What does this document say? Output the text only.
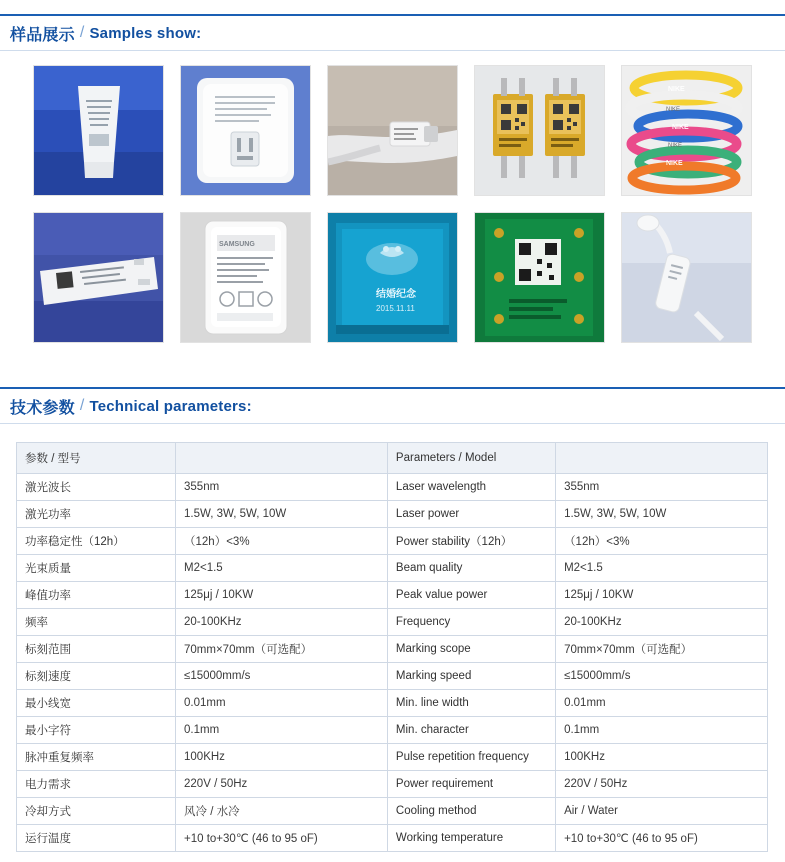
样品展示 / Samples show:
NIKE
NIKE
NIKE
NIKE
NIKE
SAMSUNG
结婚纪念
2015.11.11
技术参数 / Technical parameters:
参数 / 型号		Parameters / Model	
激光波长	355nm	Laser wavelength	355nm
激光功率	1.5W, 3W, 5W, 10W	Laser power	1.5W, 3W, 5W, 10W
功率稳定性（12h）	（12h）<3%	Power stability（12h）	（12h）<3%
光束质量	M2<1.5	Beam quality	M2<1.5
峰值功率	125μj / 10KW	Peak value power	125μj / 10KW
频率	20-100KHz	Frequency	20-100KHz
标刻范围	70mm×70mm（可选配）	Marking scope	70mm×70mm（可选配）
标刻速度	≤15000mm/s	Marking speed	≤15000mm/s
最小线宽	0.01mm	Min. line width	0.01mm
最小字符	0.1mm	Min. character	0.1mm
脉冲重复频率	100KHz	Pulse repetition frequency	100KHz
电力需求	220V / 50Hz	Power requirement	220V / 50Hz
冷却方式	风冷 / 水冷	Cooling method	Air / Water
运行温度	+10 to+30℃ (46 to 95 oF)	Working temperature	+10 to+30℃ (46 to 95 oF)
